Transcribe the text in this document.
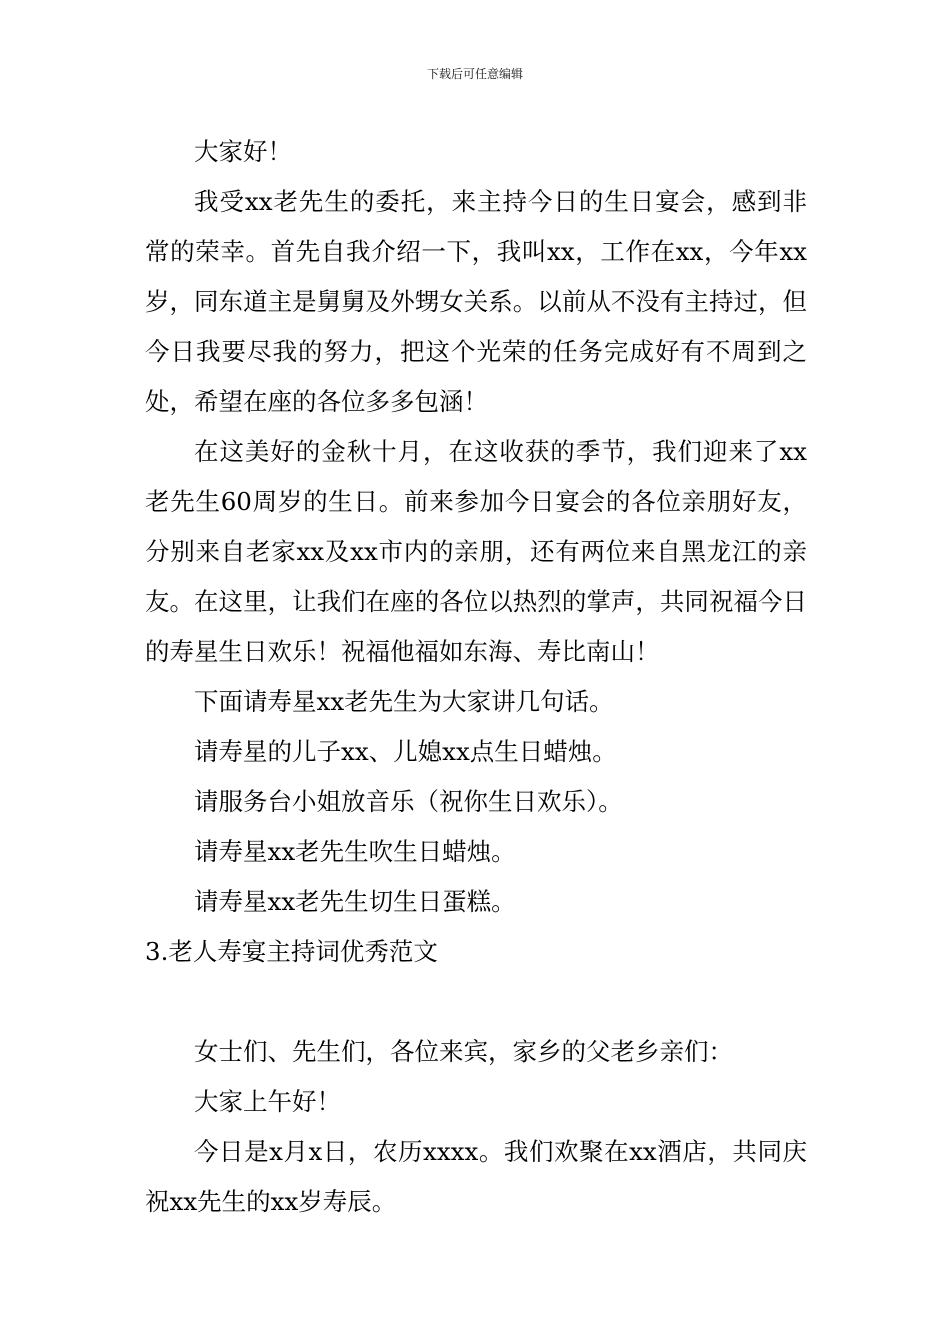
下载后可任意编辑

大家好！

我受xx老先生的委托，来主持今日的生日宴会，感到非常的荣幸。首先自我介绍一下，我叫xx，工作在xx，今年xx岁，同东道主是舅舅及外甥女关系。以前从不没有主持过，但今日我要尽我的努力，把这个光荣的任务完成好有不周到之处，希望在座的各位多多包涵！

在这美好的金秋十月，在这收获的季节，我们迎来了xx老先生60周岁的生日。前来参加今日宴会的各位亲朋好友，分别来自老家xx及xx市内的亲朋，还有两位来自黑龙江的亲友。在这里，让我们在座的各位以热烈的掌声，共同祝福今日的寿星生日欢乐！祝福他福如东海、寿比南山！

下面请寿星xx老先生为大家讲几句话。

请寿星的儿子xx、儿媳xx点生日蜡烛。

请服务台小姐放音乐（祝你生日欢乐）。

请寿星xx老先生吹生日蜡烛。

请寿星xx老先生切生日蛋糕。

3.老人寿宴主持词优秀范文

女士们、先生们，各位来宾，家乡的父老乡亲们：

大家上午好！

今日是x月x日，农历xxxx。我们欢聚在xx酒店，共同庆祝xx先生的xx岁寿辰。
